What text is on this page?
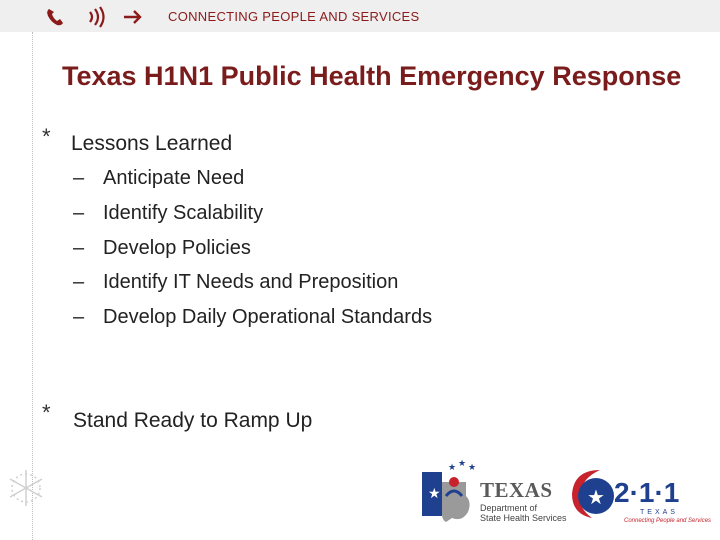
CONNECTING PEOPLE AND SERVICES
Texas H1N1 Public Health Emergency Response
* Lessons Learned
– Anticipate Need
– Identify Scalability
– Develop Policies
– Identify IT Needs and Preposition
– Develop Daily Operational Standards
* Stand Ready to Ramp Up
★
★ ★ ★
TEXAS
Department of
State Health Services
★ 2·1·1
TEXAS
Connecting People and Services
